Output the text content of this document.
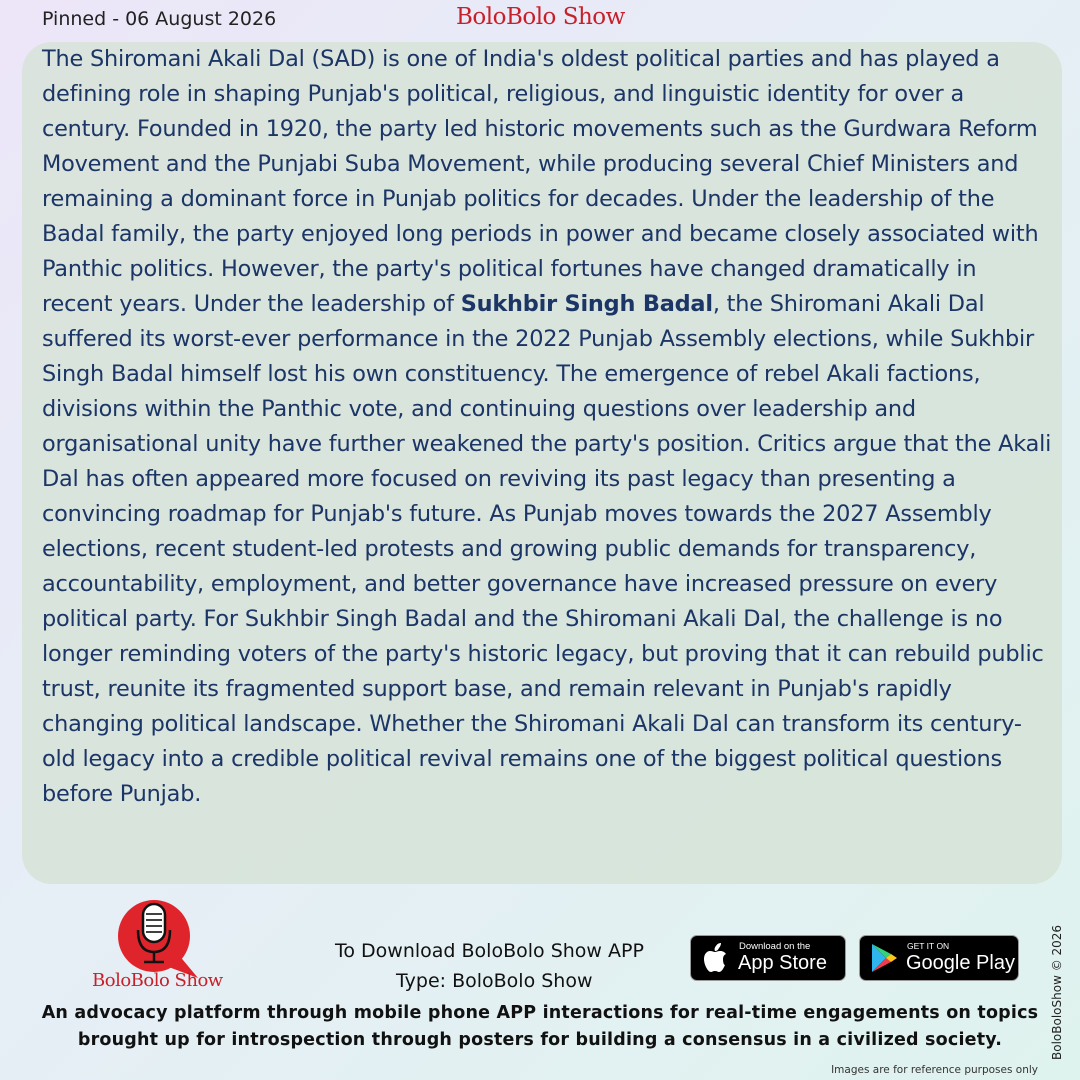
Pinned - 06 August 2026	BoloBolo Show

The Shiromani Akali Dal (SAD) is one of India's oldest political parties and has played a defining role in shaping Punjab's political, religious, and linguistic identity for over a century. Founded in 1920, the party led historic movements such as the Gurdwara Reform Movement and the Punjabi Suba Movement, while producing several Chief Ministers and remaining a dominant force in Punjab politics for decades. Under the leadership of the Badal family, the party enjoyed long periods in power and became closely associated with Panthic politics. However, the party's political fortunes have changed dramatically in recent years. Under the leadership of Sukhbir Singh Badal, the Shiromani Akali Dal suffered its worst-ever performance in the 2022 Punjab Assembly elections, while Sukhbir Singh Badal himself lost his own constituency. The emergence of rebel Akali factions, divisions within the Panthic vote, and continuing questions over leadership and organisational unity have further weakened the party's position. Critics argue that the Akali Dal has often appeared more focused on reviving its past legacy than presenting a convincing roadmap for Punjab's future. As Punjab moves towards the 2027 Assembly elections, recent student-led protests and growing public demands for transparency, accountability, employment, and better governance have increased pressure on every political party. For Sukhbir Singh Badal and the Shiromani Akali Dal, the challenge is no longer reminding voters of the party's historic legacy, but proving that it can rebuild public trust, reunite its fragmented support base, and remain relevant in Punjab's rapidly changing political landscape. Whether the Shiromani Akali Dal can transform its century-old legacy into a credible political revival remains one of the biggest political questions before Punjab.

BoloBolo Show
To Download BoloBolo Show APP
Type: BoloBolo Show
Download on the
App Store
GET IT ON
Google Play
An advocacy platform through mobile phone APP interactions for real-time engagements on topics
brought up for introspection through posters for building a consensus in a civilized society.	BoloBoloShow © 2026
Images are for reference purposes only
